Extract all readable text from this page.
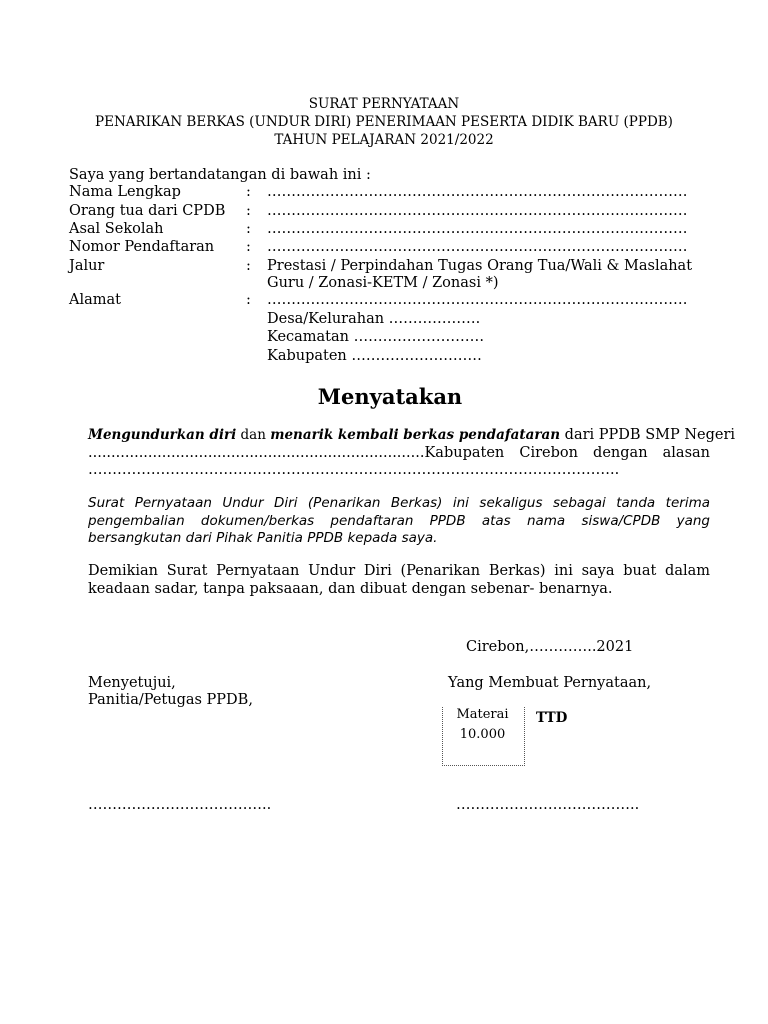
SURAT PERNYATAAN
PENARIKAN BERKAS (UNDUR DIRI) PENERIMAAN PESERTA DIDIK BARU (PPDB)
TAHUN PELAJARAN 2021/2022
Saya yang bertandatangan di bawah ini :
Nama Lengkap	: ……………………………………………………………………………
Orang tua dari CPDB : ……………………………………………………………………………
Asal Sekolah	: ……………………………………………………………………………
Nomor Pendaftaran : ……………………………………………………………………………
Jalur	: Prestasi / Perpindahan Tugas Orang Tua/Wali & Maslahat
Guru / Zonasi-KETM / Zonasi *)
Alamat	: ……………………………………………………………………………
Desa/Kelurahan ……………….
Kecamatan ………………………
Kabupaten ………………………
Menyatakan
Mengundurkan diri dan menarik kembali berkas pendafataran dari PPDB SMP Negeri
.........................................................................Kabupaten Cirebon dengan alasan
………………………………………………………………………………………………..
Surat Pernyataan Undur Diri (Penarikan Berkas) ini sekaligus sebagai tanda terima
pengembalian dokumen/berkas pendaftaran PPDB atas nama siswa/CPDB yang
bersangkutan dari Pihak Panitia PPDB kepada saya.
Demikian Surat Pernyataan Undur Diri (Penarikan Berkas) ini saya buat dalam
keadaan sadar, tanpa paksaaan, dan dibuat dengan sebenar- benarnya.
Cirebon,…………..2021
Menyetujui,
Panitia/Petugas PPDB,
………………………………..
Yang Membuat Pernyataan,
Materai
10.000
TTD
………………………………..
